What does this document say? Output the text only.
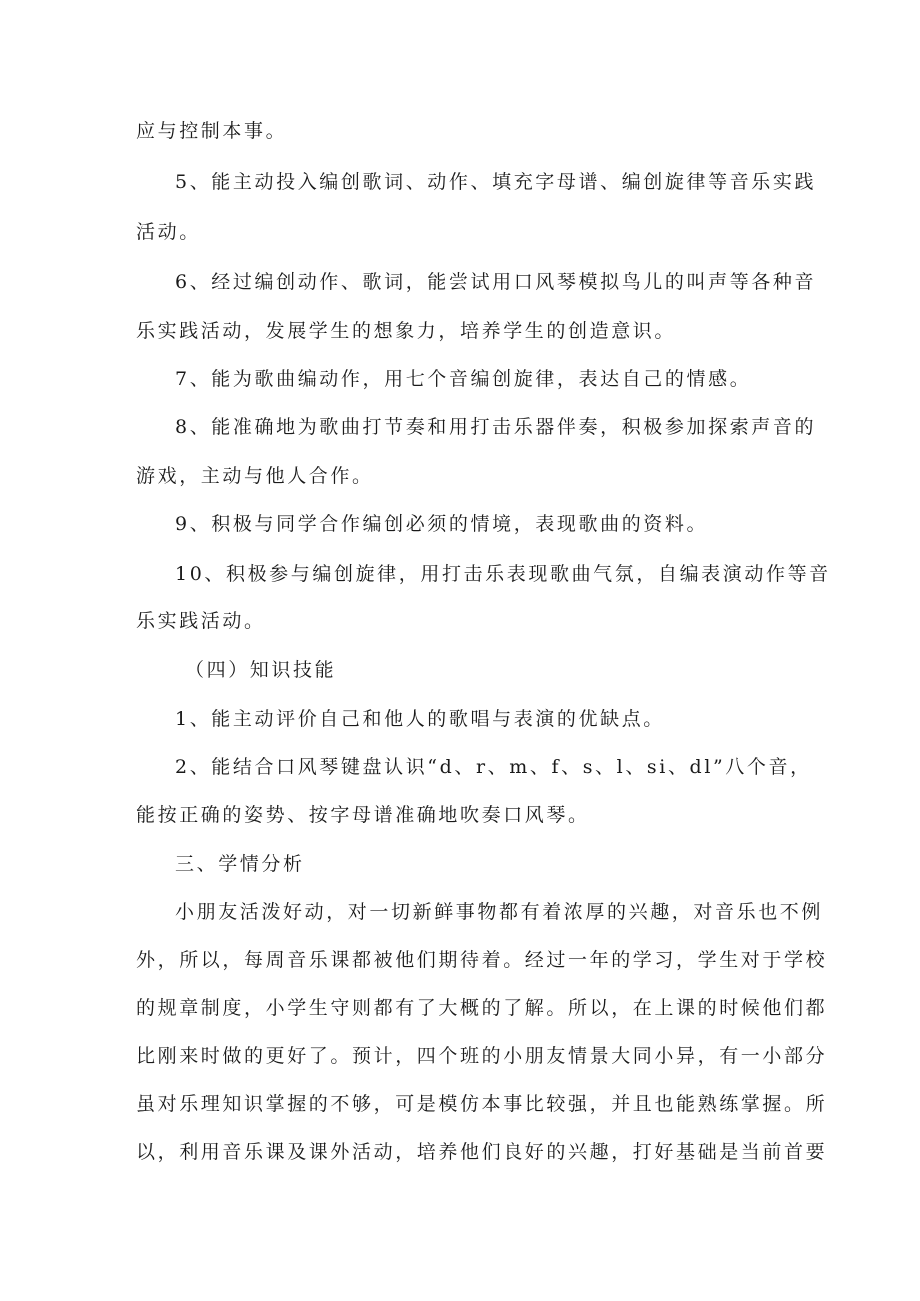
应与控制本事。
5、能主动投入编创歌词、动作、填充字母谱、编创旋律等音乐实践
活动。
6、经过编创动作、歌词，能尝试用口风琴模拟鸟儿的叫声等各种音
乐实践活动，发展学生的想象力，培养学生的创造意识。
7、能为歌曲编动作，用七个音编创旋律，表达自己的情感。
8、能准确地为歌曲打节奏和用打击乐器伴奏，积极参加探索声音的
游戏，主动与他人合作。
9、积极与同学合作编创必须的情境，表现歌曲的资料。
10、积极参与编创旋律，用打击乐表现歌曲气氛，自编表演动作等音
乐实践活动。
（四）知识技能
1、能主动评价自己和他人的歌唱与表演的优缺点。
2、能结合口风琴键盘认识“d、r、m、f、s、l、si、dl”八个音，
能按正确的姿势、按字母谱准确地吹奏口风琴。
三、学情分析
小朋友活泼好动，对一切新鲜事物都有着浓厚的兴趣，对音乐也不例
外，所以，每周音乐课都被他们期待着。经过一年的学习，学生对于学校
的规章制度，小学生守则都有了大概的了解。所以，在上课的时候他们都
比刚来时做的更好了。预计，四个班的小朋友情景大同小异，有一小部分
虽对乐理知识掌握的不够，可是模仿本事比较强，并且也能熟练掌握。所
以，利用音乐课及课外活动，培养他们良好的兴趣，打好基础是当前首要
